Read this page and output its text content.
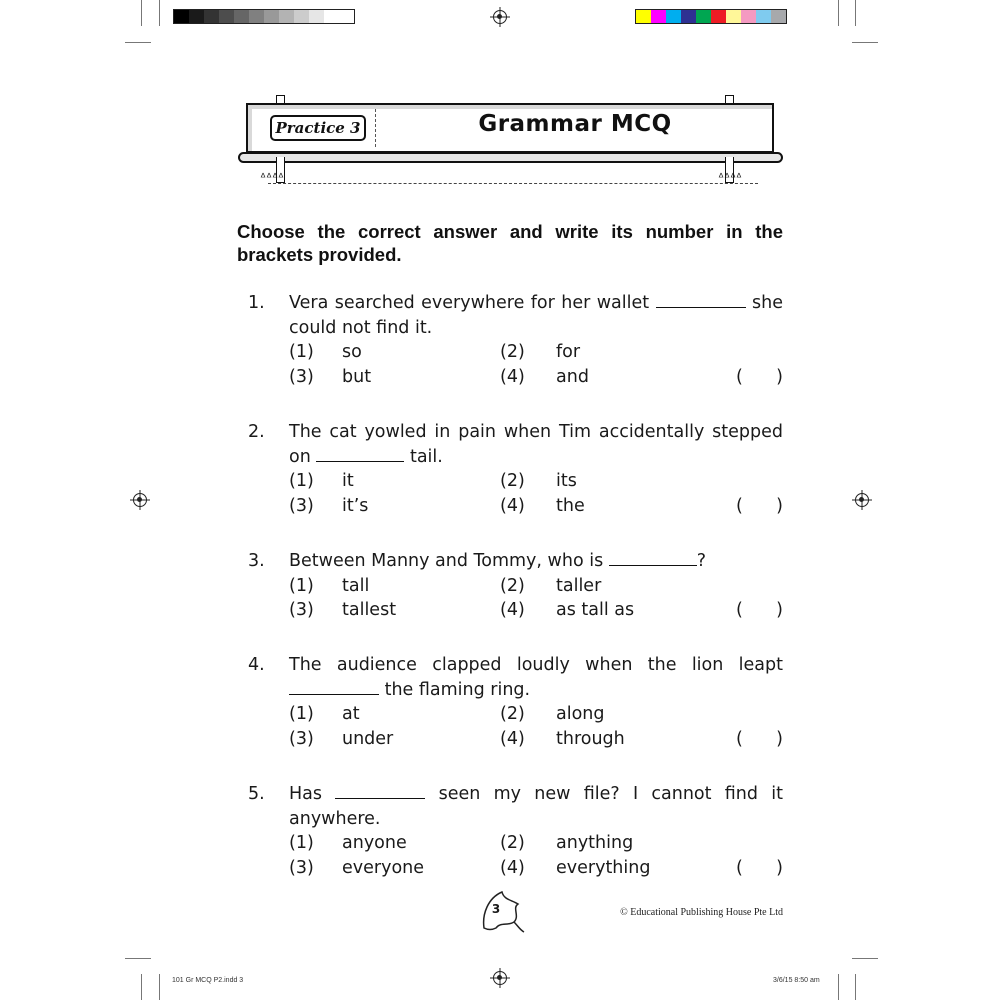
Practice 3	Grammar MCQ
ᐞᐞᐞᐞ	ᐞᐞᐞᐞ
Choose the correct answer and write its number in the brackets provided.
1. Vera searched everywhere for her wallet	she could not find it.
(1) so	(2) for
(3) but	(4) and	(      )
2. The cat yowled in pain when Tim accidentally stepped on	tail.
(1) it	(2) its
(3) it’s	(4) the	(      )
3. Between Manny and Tommy, who is	?
(1) tall	(2) taller
(3) tallest	(4) as tall as	(      )
4. The audience clapped loudly when the lion leapt  the flaming ring.
(1) at	(2) along
(3) under	(4) through	(      )
5. Has	seen my new file? I cannot find it anywhere.
(1) anyone	(2) anything
(3) everyone	(4) everything	(      )
3	© Educational Publishing House Pte Ltd
101 Gr MCQ P2.indd 3	3/6/15 8:50 am
